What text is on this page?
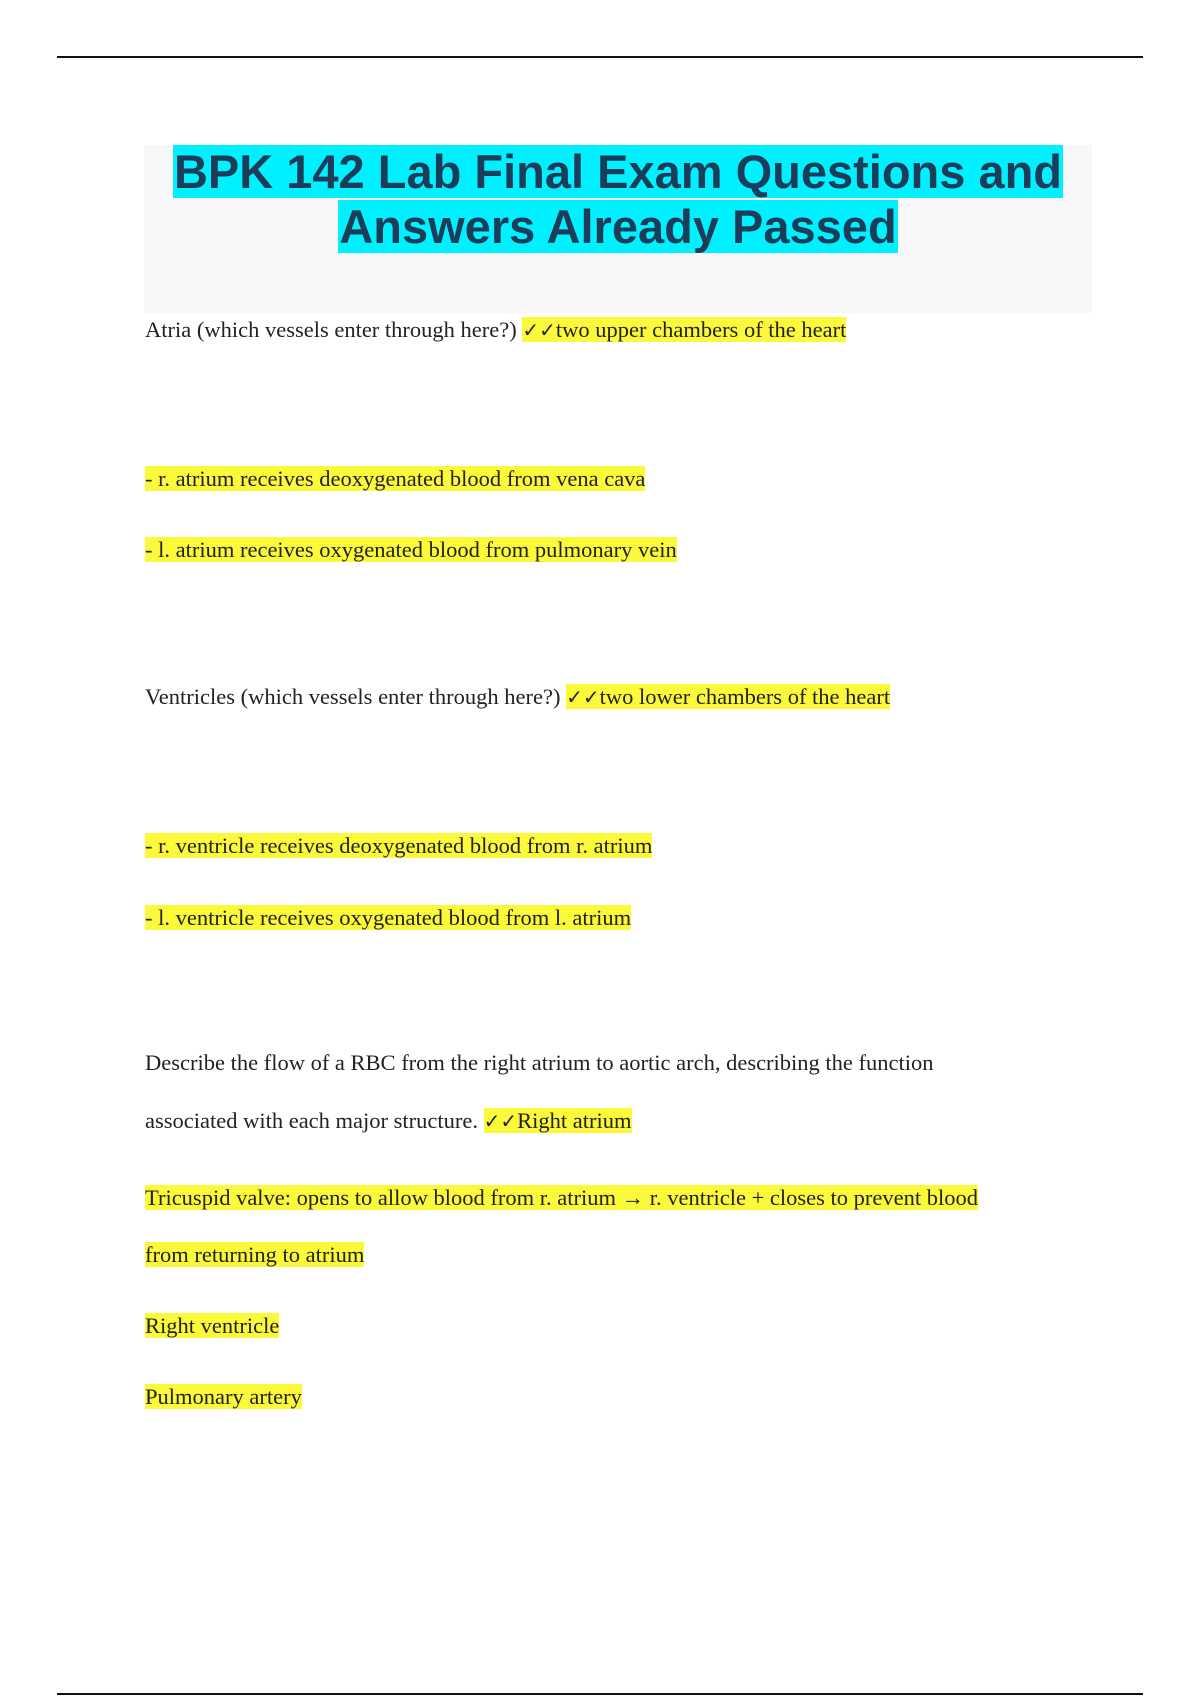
BPK 142 Lab Final Exam Questions and
Answers Already Passed

Atria (which vessels enter through here?) ✓✓two upper chambers of the heart

- r. atrium receives deoxygenated blood from vena cava

- l. atrium receives oxygenated blood from pulmonary vein

Ventricles (which vessels enter through here?) ✓✓two lower chambers of the heart

- r. ventricle receives deoxygenated blood from r. atrium

- l. ventricle receives oxygenated blood from l. atrium

Describe the flow of a RBC from the right atrium to aortic arch, describing the function

associated with each major structure. ✓✓Right atrium

Tricuspid valve: opens to allow blood from r. atrium → r. ventricle + closes to prevent blood

from returning to atrium

Right ventricle

Pulmonary artery
